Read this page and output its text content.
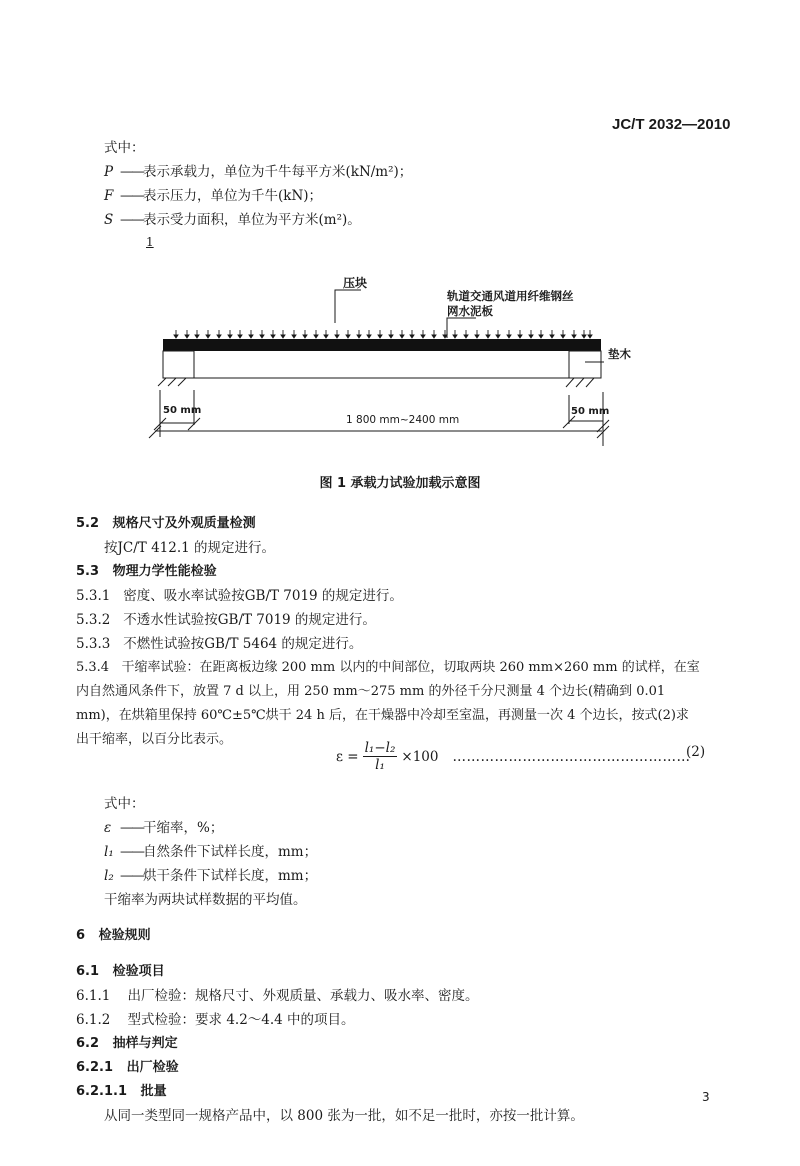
JC/T 2032—2010
式中：
P ——表示承载力，单位为千牛每平方米(kN/m²)；
F ——表示压力，单位为千牛(kN)；
S ——表示受力面积，单位为平方米(m²)。
1
压块
轨道交通风道用纤维钢丝
网水泥板
垫木
50 mm	50 mm
1 800 mm~2400 mm
图 1 承载力试验加载示意图
5.2 规格尺寸及外观质量检测
按JC/T 412.1 的规定进行。
5.3 物理力学性能检验
5.3.1 密度、吸水率试验按GB/T 7019 的规定进行。
5.3.2 不透水性试验按GB/T 7019 的规定进行。
5.3.3 不燃性试验按GB/T 5464 的规定进行。
5.3.4 干缩率试验：在距离板边缘 200 mm 以内的中间部位，切取两块 260 mm×260 mm 的试样，在室
内自然通风条件下，放置 7 d 以上，用 250 mm～275 mm 的外径千分尺测量 4 个边长(精确到 0.01
mm)，在烘箱里保持 60℃±5℃烘干 24 h 后，在干燥器中冷却至室温，再测量一次 4 个边长，按式(2)求
出干缩率，以百分比表示。
$\varepsilon = \frac{\text{l₁−l₂}}{\text{l₁}} \times 100$ ……………………………………………
(2)
式中：
ε ——干缩率，%；
l₁ ——自然条件下试样长度，mm；
l₂ ——烘干条件下试样长度，mm；
干缩率为两块试样数据的平均值。
6 检验规则
6.1 检验项目
6.1.1 出厂检验：规格尺寸、外观质量、承载力、吸水率、密度。
6.1.2 型式检验：要求 4.2～4.4 中的项目。
6.2 抽样与判定
6.2.1 出厂检验
6.2.1.1 批量
从同一类型同一规格产品中，以 800 张为一批，如不足一批时，亦按一批计算。
3
